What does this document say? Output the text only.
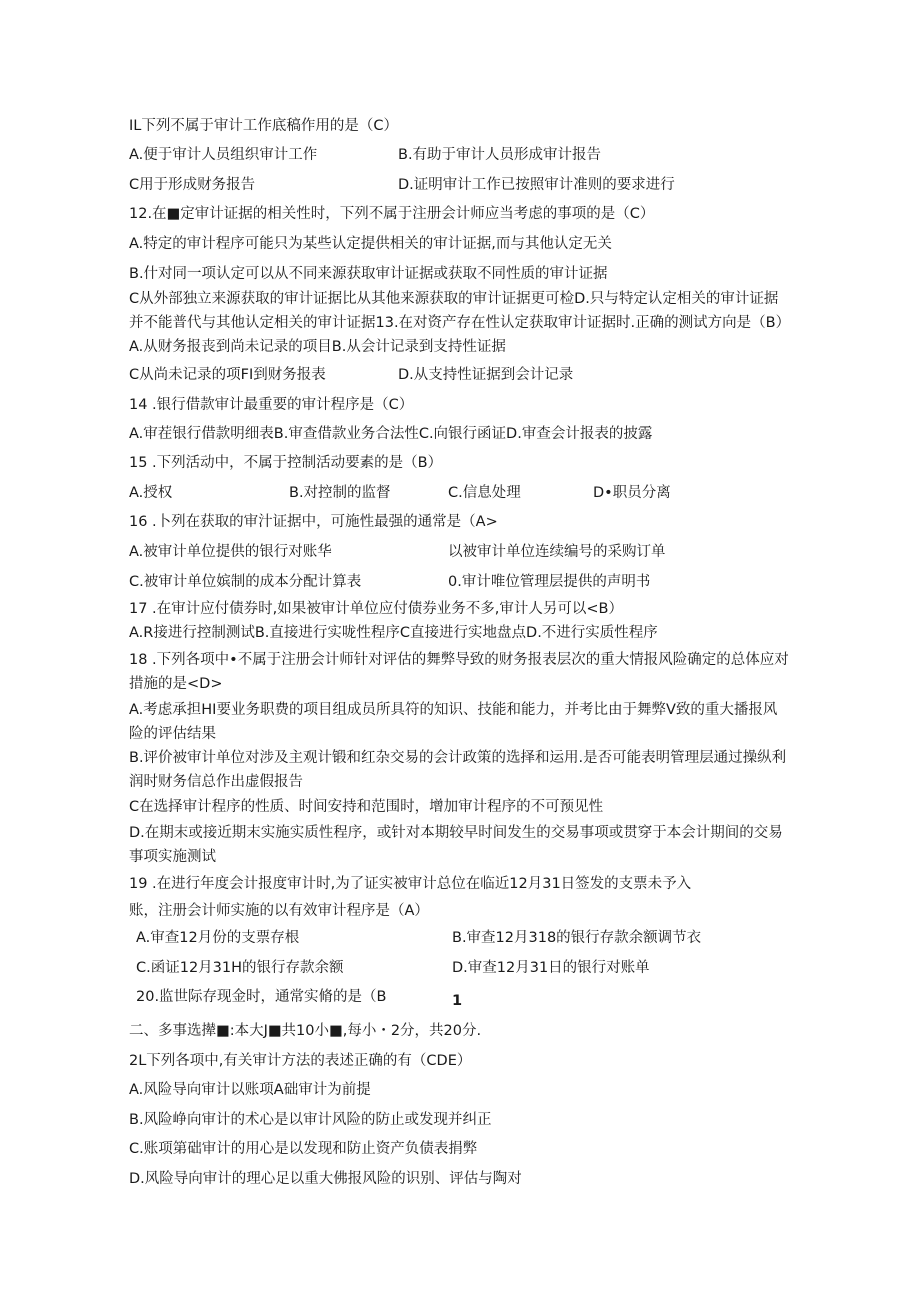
IL下列不属于审计工作底稿作用的是（C）
A.便于审计人员组织审计工作	B.有助于审计人员形成审计报告
C用于形成财务报告	D.证明审计工作已按照审计准则的要求进行
12.在■定审计证据的相关性时，下列不属于注册会计师应当考虑的事项的是（C）
A.特定的审计程序可能只为某些认定提供相关的审计证据,而与其他认定无关
B.什对同一项认定可以从不同来源获取审计证据或获取不同性质的审计证据
C从外部独立来源获取的审计证据比从其他来源获取的审计证据更可检D.只与特定认定相关的审计证据并不能普代与其他认定相关的审计证据13.在对资产存在性认定获取审计证据时.正确的测试方向是（B）A.从财务报丧到尚未记录的项目B.从会计记录到支持性证据
C从尚未记录的项FI到财务报表	D.从支持性证据到会计记录
14 .银行借款审计最重要的审计程序是（C）
A.审茬银行借款明细表B.审查借款业务合法性C.向银行函证D.审查会计报表的披露
15 .下列活动中，不属于控制活动要素的是（B）
A.授权	B.对控制的监督	C.信息处理	D•职员分离
16 .卜列在获取的审汁证据中，可施性最强的通常是（A>
A.被审计单位提供的银行对账华	以被审计单位连续编号的采购订单
C.被审计单位嫔制的成本分配计算表	0.审计唯位管理层提供的声明书
17 .在审计应付债券时,如果被审计单位应付债券业务不多,审计人另可以<B）
A.R接进行控制测试B.直接进行实咙性程序C直接进行实地盘点D.不进行实质性程序
18 .下列各项中•不属于注册会计师针对评估的舞弊导致的财务报表层次的重大情报风险确定的总体应对措施的是<D>
A.考虑承担HI要业务职费的项目组成员所具符的知识、技能和能力，并考比由于舞弊V致的重大播报风险的评估结果
B.评价被审计单位对涉及主观计锻和红杂交易的会计政策的选择和运用.是否可能表明管理层通过操纵利润时财务信总作出虚假报告
C在选择审计程序的性质、时间安持和范围时，增加审计程序的不可预见性
D.在期末或接近期末实施实质性程序，或针对本期较早时间发生的交易事项或贯穿于本会计期间的交易事项实施测试
19 .在进行年度会计报度审计时,为了证实被审计总位在临近12月31日签发的支票未予入
账，注册会计师实施的以有效审计程序是（A）
A.审查12月份的支票存根	B.审查12月318的银行存款余额调节衣
C.函证12月31H的银行存款余额	D.审查12月31日的银行对账单
20.监世际存现金时，通常实脩的是（B	1
二、多事选撵■:本大J■共10小■,每小・2分，共20分.
2L下列各项中,有关审计方法的表述正确的有（CDE）
A.风险导向审计以账项A础审计为前提
B.风险峥向审计的术心是以审计风险的防止或发现并纠正
C.账项第础审计的用心是以发现和防止资产负债表捐弊
D.风险导向审计的理心足以重大佛报风险的识别、评估与陶对
